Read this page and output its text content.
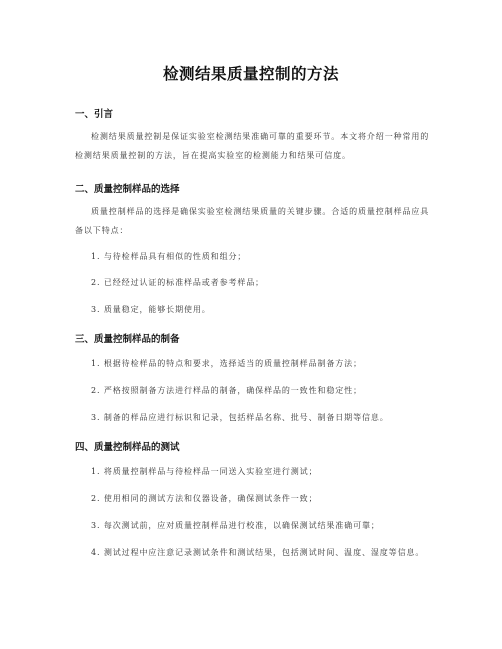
检测结果质量控制的方法
一、引言
检测结果质量控制是保证实验室检测结果准确可靠的重要环节。本文将介绍一种常用的检测结果质量控制的方法，旨在提高实验室的检测能力和结果可信度。
二、质量控制样品的选择
质量控制样品的选择是确保实验室检测结果质量的关键步骤。合适的质量控制样品应具备以下特点：
1. 与待检样品具有相似的性质和组分；
2. 已经经过认证的标准样品或者参考样品；
3. 质量稳定，能够长期使用。
三、质量控制样品的制备
1. 根据待检样品的特点和要求，选择适当的质量控制样品制备方法；
2. 严格按照制备方法进行样品的制备，确保样品的一致性和稳定性；
3. 制备的样品应进行标识和记录，包括样品名称、批号、制备日期等信息。
四、质量控制样品的测试
1. 将质量控制样品与待检样品一同送入实验室进行测试；
2. 使用相同的测试方法和仪器设备，确保测试条件一致；
3. 每次测试前，应对质量控制样品进行校准，以确保测试结果准确可靠；
4. 测试过程中应注意记录测试条件和测试结果，包括测试时间、温度、湿度等信息。
